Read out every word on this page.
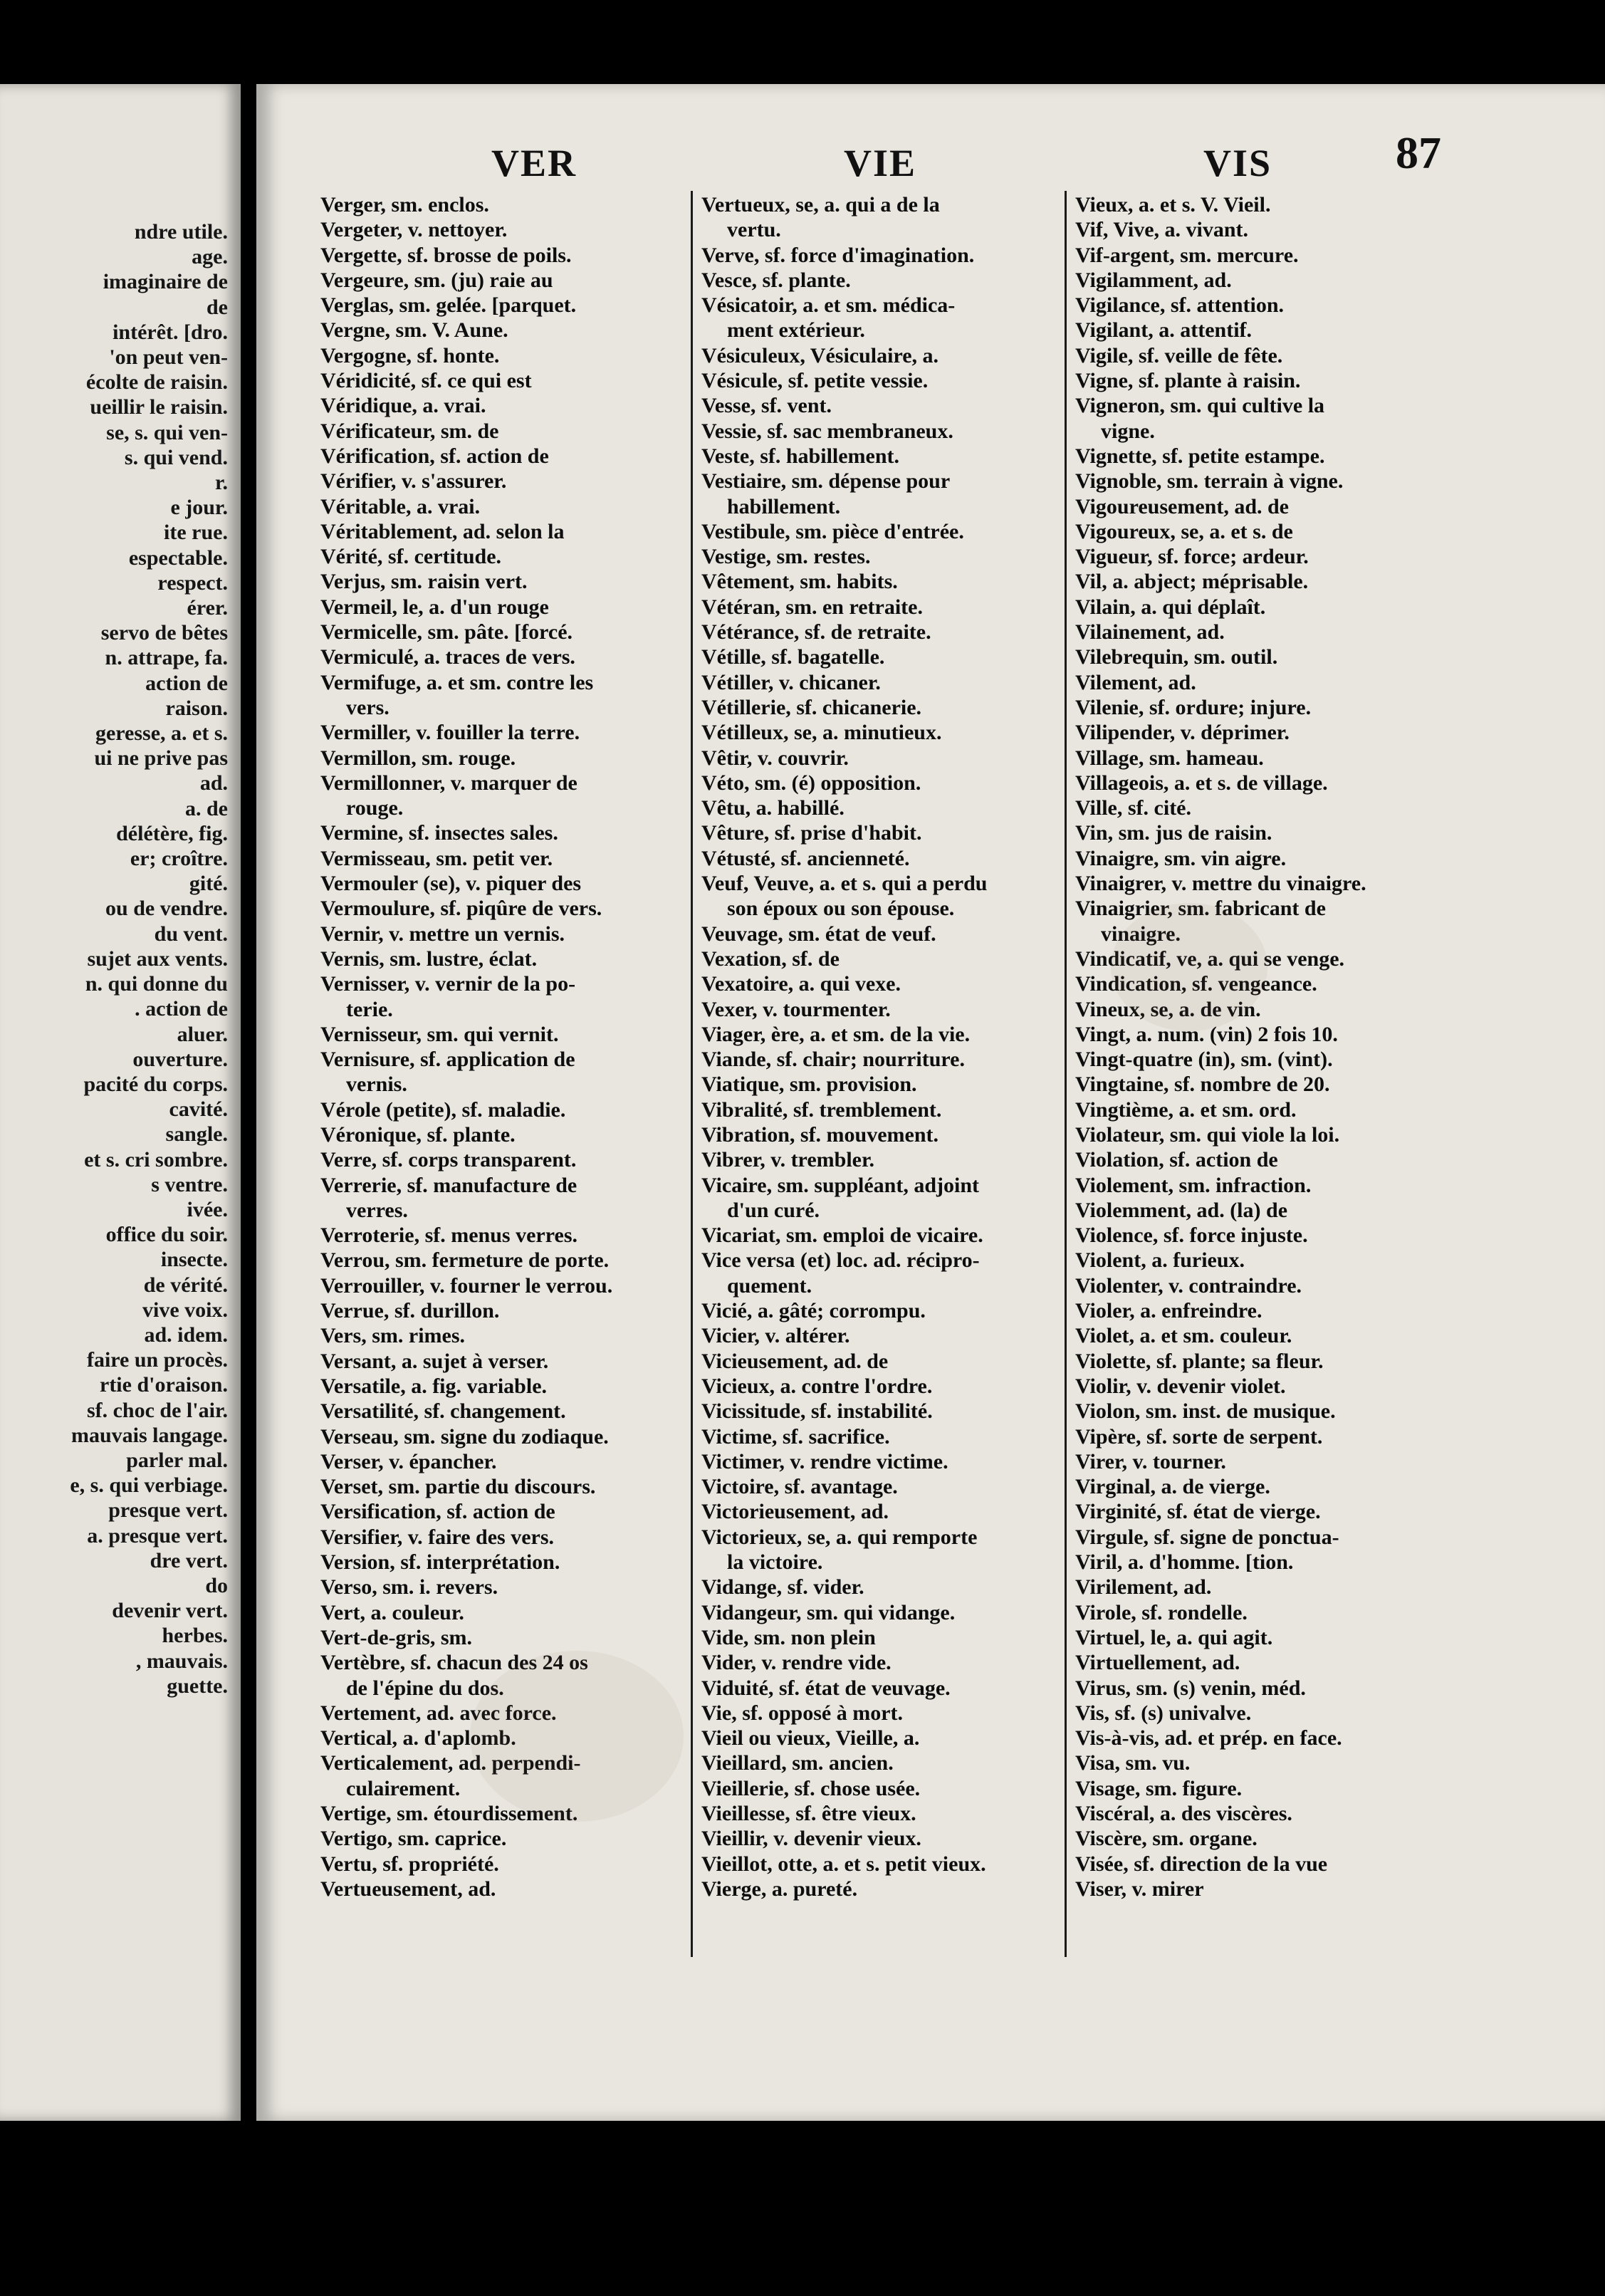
ndre utile.
age.
imaginaire de
de
intérêt. [dro.
'on peut ven-
écolte de raisin.
ueillir le raisin.
se, s. qui ven-
s. qui vend.
r.
e jour.
ite rue.
espectable.
respect.
érer.
servo de bêtes
n. attrape, fa.
action de
raison.
geresse, a. et s.
ui ne prive pas
ad.
a. de
délétère, fig.
er; croître.
gité.
ou de vendre.
du vent.
sujet aux vents.
n. qui donne du
. action de
aluer.
ouverture.
pacité du corps.
cavité.
sangle.
et s. cri sombre.
s ventre.
ivée.
office du soir.
insecte.
de vérité.
vive voix.
ad. idem.
faire un procès.
rtie d'oraison.
sf. choc de l'air.
mauvais langage.
parler mal.
e, s. qui verbiage.
presque vert.
a. presque vert.
dre vert.
do
devenir vert.
herbes.
, mauvais.
guette.
VER	VIE	VIS	87
Verger, sm. enclos.
Vergeter, v. nettoyer.
Vergette, sf. brosse de poils.
Vergeure, sm. (ju) raie au
Verglas, sm. gelée. [parquet.
Vergne, sm. V. Aune.
Vergogne, sf. honte.
Véridicité, sf. ce qui est
Véridique, a. vrai.
Vérificateur, sm. de
Vérification, sf. action de
Vérifier, v. s'assurer.
Véritable, a. vrai.
Véritablement, ad. selon la
Vérité, sf. certitude.
Verjus, sm. raisin vert.
Vermeil, le, a. d'un rouge
Vermicelle, sm. pâte. [forcé.
Vermiculé, a. traces de vers.
Vermifuge, a. et sm. contre les
vers.
Vermiller, v. fouiller la terre.
Vermillon, sm. rouge.
Vermillonner, v. marquer de
rouge.
Vermine, sf. insectes sales.
Vermisseau, sm. petit ver.
Vermouler (se), v. piquer des
Vermoulure, sf. piqûre de vers.
Vernir, v. mettre un vernis.
Vernis, sm. lustre, éclat.
Vernisser, v. vernir de la po-
terie.
Vernisseur, sm. qui vernit.
Vernisure, sf. application de
vernis.
Vérole (petite), sf. maladie.
Véronique, sf. plante.
Verre, sf. corps transparent.
Verrerie, sf. manufacture de
verres.
Verroterie, sf. menus verres.
Verrou, sm. fermeture de porte.
Verrouiller, v. fourner le verrou.
Verrue, sf. durillon.
Vers, sm. rimes.
Versant, a. sujet à verser.
Versatile, a. fig. variable.
Versatilité, sf. changement.
Verseau, sm. signe du zodiaque.
Verser, v. épancher.
Verset, sm. partie du discours.
Versification, sf. action de
Versifier, v. faire des vers.
Version, sf. interprétation.
Verso, sm. i. revers.
Vert, a. couleur.
Vert-de-gris, sm.
Vertèbre, sf. chacun des 24 os
de l'épine du dos.
Vertement, ad. avec force.
Vertical, a. d'aplomb.
Verticalement, ad. perpendi-
culairement.
Vertige, sm. étourdissement.
Vertigo, sm. caprice.
Vertu, sf. propriété.
Vertueusement, ad.
Vertueux, se, a. qui a de la
vertu.
Verve, sf. force d'imagination.
Vesce, sf. plante.
Vésicatoir, a. et sm. médica-
ment extérieur.
Vésiculeux, Vésiculaire, a.
Vésicule, sf. petite vessie.
Vesse, sf. vent.
Vessie, sf. sac membraneux.
Veste, sf. habillement.
Vestiaire, sm. dépense pour
habillement.
Vestibule, sm. pièce d'entrée.
Vestige, sm. restes.
Vêtement, sm. habits.
Vétéran, sm. en retraite.
Vétérance, sf. de retraite.
Vétille, sf. bagatelle.
Vétiller, v. chicaner.
Vétillerie, sf. chicanerie.
Vétilleux, se, a. minutieux.
Vêtir, v. couvrir.
Véto, sm. (é) opposition.
Vêtu, a. habillé.
Vêture, sf. prise d'habit.
Vétusté, sf. ancienneté.
Veuf, Veuve, a. et s. qui a perdu
son époux ou son épouse.
Veuvage, sm. état de veuf.
Vexation, sf. de
Vexatoire, a. qui vexe.
Vexer, v. tourmenter.
Viager, ère, a. et sm. de la vie.
Viande, sf. chair; nourriture.
Viatique, sm. provision.
Vibralité, sf. tremblement.
Vibration, sf. mouvement.
Vibrer, v. trembler.
Vicaire, sm. suppléant, adjoint
d'un curé.
Vicariat, sm. emploi de vicaire.
Vice versa (et) loc. ad. récipro-
quement.
Vicié, a. gâté; corrompu.
Vicier, v. altérer.
Vicieusement, ad. de
Vicieux, a. contre l'ordre.
Vicissitude, sf. instabilité.
Victime, sf. sacrifice.
Victimer, v. rendre victime.
Victoire, sf. avantage.
Victorieusement, ad.
Victorieux, se, a. qui remporte
la victoire.
Vidange, sf. vider.
Vidangeur, sm. qui vidange.
Vide, sm. non plein
Vider, v. rendre vide.
Viduité, sf. état de veuvage.
Vie, sf. opposé à mort.
Vieil ou vieux, Vieille, a.
Vieillard, sm. ancien.
Vieillerie, sf. chose usée.
Vieillesse, sf. être vieux.
Vieillir, v. devenir vieux.
Vieillot, otte, a. et s. petit vieux.
Vierge, a. pureté.
Vieux, a. et s. V. Vieil.
Vif, Vive, a. vivant.
Vif-argent, sm. mercure.
Vigilamment, ad.
Vigilance, sf. attention.
Vigilant, a. attentif.
Vigile, sf. veille de fête.
Vigne, sf. plante à raisin.
Vigneron, sm. qui cultive la
vigne.
Vignette, sf. petite estampe.
Vignoble, sm. terrain à vigne.
Vigoureusement, ad. de
Vigoureux, se, a. et s. de
Vigueur, sf. force; ardeur.
Vil, a. abject; méprisable.
Vilain, a. qui déplaît.
Vilainement, ad.
Vilebrequin, sm. outil.
Vilement, ad.
Vilenie, sf. ordure; injure.
Vilipender, v. déprimer.
Village, sm. hameau.
Villageois, a. et s. de village.
Ville, sf. cité.
Vin, sm. jus de raisin.
Vinaigre, sm. vin aigre.
Vinaigrer, v. mettre du vinaigre.
Vinaigrier, sm. fabricant de
vinaigre.
Vindicatif, ve, a. qui se venge.
Vindication, sf. vengeance.
Vineux, se, a. de vin.
Vingt, a. num. (vin) 2 fois 10.
Vingt-quatre (in), sm. (vint).
Vingtaine, sf. nombre de 20.
Vingtième, a. et sm. ord.
Violateur, sm. qui viole la loi.
Violation, sf. action de
Violement, sm. infraction.
Violemment, ad. (la) de
Violence, sf. force injuste.
Violent, a. furieux.
Violenter, v. contraindre.
Violer, a. enfreindre.
Violet, a. et sm. couleur.
Violette, sf. plante; sa fleur.
Violir, v. devenir violet.
Violon, sm. inst. de musique.
Vipère, sf. sorte de serpent.
Virer, v. tourner.
Virginal, a. de vierge.
Virginité, sf. état de vierge.
Virgule, sf. signe de ponctua-
Viril, a. d'homme. [tion.
Virilement, ad.
Virole, sf. rondelle.
Virtuel, le, a. qui agit.
Virtuellement, ad.
Virus, sm. (s) venin, méd.
Vis, sf. (s) univalve.
Vis-à-vis, ad. et prép. en face.
Visa, sm. vu.
Visage, sm. figure.
Viscéral, a. des viscères.
Viscère, sm. organe.
Visée, sf. direction de la vue
Viser, v. mirer
